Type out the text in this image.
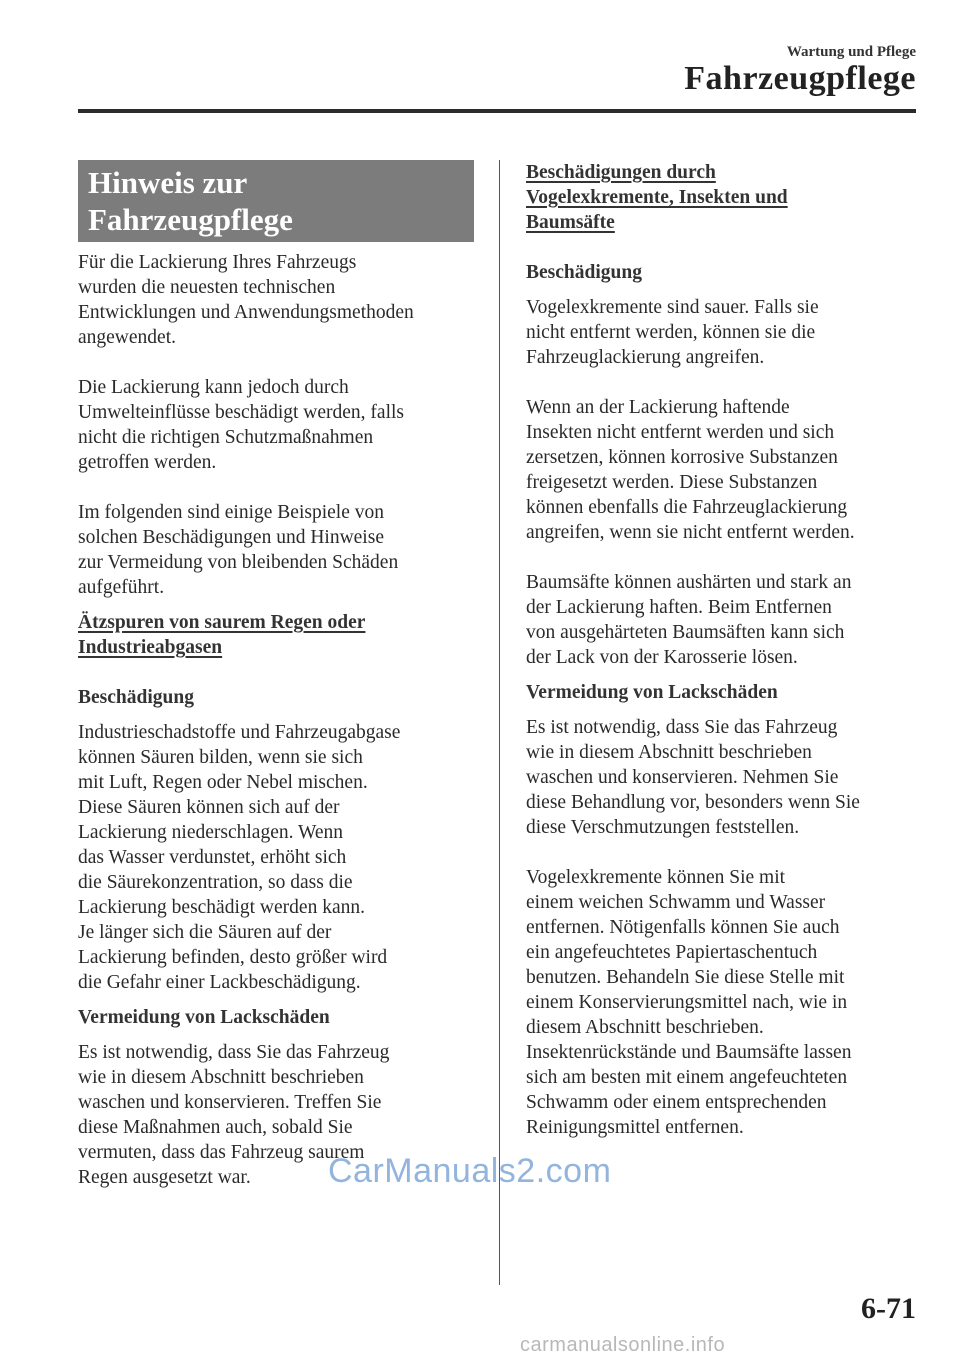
Wartung und Pflege
Fahrzeugpflege
Hinweis zur
Fahrzeugpflege

Für die Lackierung Ihres Fahrzeugs

wurden die neuesten technischen

Entwicklungen und Anwendungsmethoden

angewendet.

Die Lackierung kann jedoch durch

Umwelteinflüsse beschädigt werden, falls

nicht die richtigen Schutzmaßnahmen

getroffen werden.

Im folgenden sind einige Beispiele von

solchen Beschädigungen und Hinweise

zur Vermeidung von bleibenden Schäden

aufgeführt.

Ätzspuren von saurem Regen oder

Industrieabgasen

Beschädigung

Industrieschadstoffe und Fahrzeugabgase

können Säuren bilden, wenn sie sich

mit Luft, Regen oder Nebel mischen.

Diese Säuren können sich auf der

Lackierung niederschlagen. Wenn

das Wasser verdunstet, erhöht sich

die Säurekonzentration, so dass die

Lackierung beschädigt werden kann.

Je länger sich die Säuren auf der

Lackierung befinden, desto größer wird

die Gefahr einer Lackbeschädigung.

Vermeidung von Lackschäden

Es ist notwendig, dass Sie das Fahrzeug

wie in diesem Abschnitt beschrieben

waschen und konservieren. Treffen Sie

diese Maßnahmen auch, sobald Sie

vermuten, dass das Fahrzeug saurem

Regen ausgesetzt war.

Beschädigungen durch

Vogelexkremente, Insekten und

Baumsäfte

Beschädigung

Vogelexkremente sind sauer. Falls sie

nicht entfernt werden, können sie die

Fahrzeuglackierung angreifen.

Wenn an der Lackierung haftende

Insekten nicht entfernt werden und sich

zersetzen, können korrosive Substanzen

freigesetzt werden. Diese Substanzen

können ebenfalls die Fahrzeuglackierung

angreifen, wenn sie nicht entfernt werden.

Baumsäfte können aushärten und stark an

der Lackierung haften. Beim Entfernen

von ausgehärteten Baumsäften kann sich

der Lack von der Karosserie lösen.

Vermeidung von Lackschäden

Es ist notwendig, dass Sie das Fahrzeug

wie in diesem Abschnitt beschrieben

waschen und konservieren. Nehmen Sie

diese Behandlung vor, besonders wenn Sie

diese Verschmutzungen feststellen.

Vogelexkremente können Sie mit

einem weichen Schwamm und Wasser

entfernen. Nötigenfalls können Sie auch

ein angefeuchtetes Papiertaschentuch

benutzen. Behandeln Sie diese Stelle mit

einem Konservierungsmittel nach, wie in

diesem Abschnitt beschrieben.

Insektenrückstände und Baumsäfte lassen

sich am besten mit einem angefeuchteten

Schwamm oder einem entsprechenden

Reinigungsmittel entfernen.

6-71
CarManuals2.com
carmanualsonline.info
